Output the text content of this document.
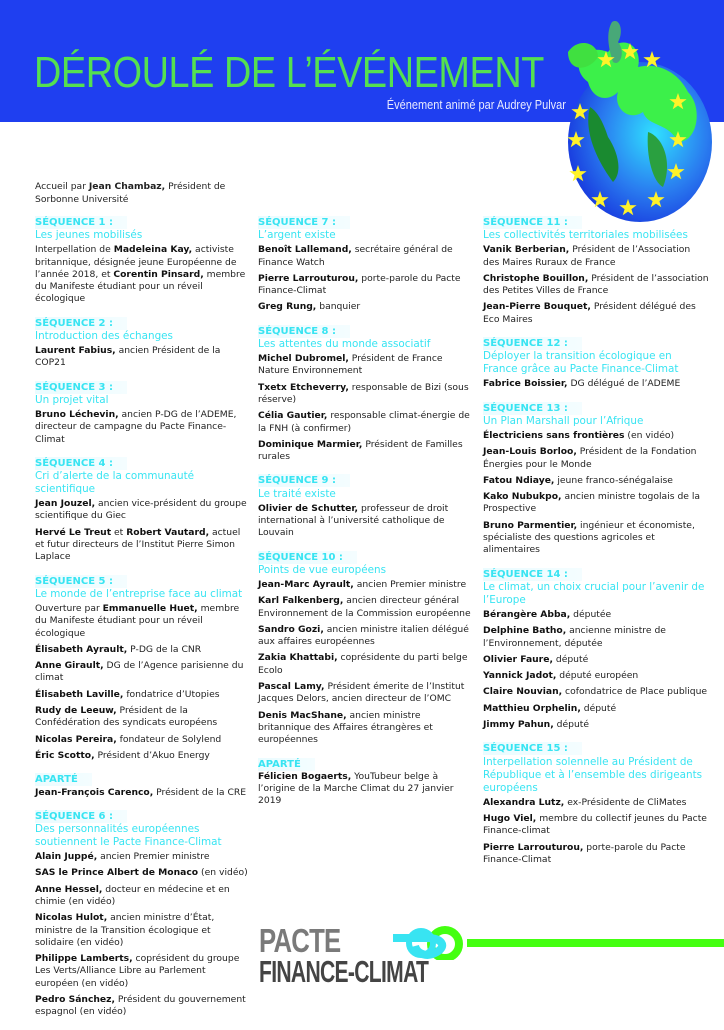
DÉROULÉ DE L’ÉVÉNEMENT
Événement animé par Audrey Pulvar
Accueil par Jean Chambaz, Président de Sorbonne Université
SÉQUENCE 1 :
Les jeunes mobilisés
Interpellation de Madeleina Kay, activiste britannique, désignée jeune Européenne de l’année 2018, et Corentin Pinsard, membre du Manifeste étudiant pour un réveil écologique
SÉQUENCE 2 :
Introduction des échanges
Laurent Fabius, ancien Président de la COP21
SÉQUENCE 3 :
Un projet vital
Bruno Léchevin, ancien P-DG de l’ADEME, directeur de campagne du Pacte Finance-Climat
SÉQUENCE 4 :
Cri d’alerte de la communauté scientifique
Jean Jouzel, ancien vice-président du groupe scientifique du Giec
Hervé Le Treut et Robert Vautard, actuel et futur directeurs de l’Institut Pierre Simon Laplace
SÉQUENCE 5 :
Le monde de l’entreprise face au climat
Ouverture par Emmanuelle Huet, membre du Manifeste étudiant pour un réveil écologique
Élisabeth Ayrault, P-DG de la CNR
Anne Girault, DG de l’Agence parisienne du climat
Élisabeth Laville, fondatrice d’Utopies
Rudy de Leeuw, Président de la Confédération des syndicats européens
Nicolas Pereira, fondateur de Solylend
Éric Scotto, Président d’Akuo Energy
APARTÉ
Jean-François Carenco, Président de la CRE
SÉQUENCE 6 :
Des personnalités européennes soutiennent le Pacte Finance-Climat
Alain Juppé, ancien Premier ministre
SAS le Prince Albert de Monaco (en vidéo)
Anne Hessel, docteur en médecine et en chimie (en vidéo)
Nicolas Hulot, ancien ministre d’État, ministre de la Transition écologique et solidaire (en vidéo)
Philippe Lamberts, coprésident du groupe Les Verts/Alliance Libre au Parlement européen (en vidéo)
Pedro Sánchez, Président du gouvernement espagnol (en vidéo)
SÉQUENCE 7 :
L’argent existe
Benoît Lallemand, secrétaire général de Finance Watch
Pierre Larrouturou, porte-parole du Pacte Finance-Climat
Greg Rung, banquier
SÉQUENCE 8 :
Les attentes du monde associatif
Michel Dubromel, Président de France Nature Environnement
Txetx Etcheverry, responsable de Bizi (sous réserve)
Célia Gautier, responsable climat-énergie de la FNH (à confirmer)
Dominique Marmier, Président de Familles rurales
SÉQUENCE 9 :
Le traité existe
Olivier de Schutter, professeur de droit international à l’université catholique de Louvain
SÉQUENCE 10 :
Points de vue européens
Jean-Marc Ayrault, ancien Premier ministre
Karl Falkenberg, ancien directeur général Environnement de la Commission européenne
Sandro Gozi, ancien ministre italien délégué aux affaires européennes
Zakia Khattabi, coprésidente du parti belge Ecolo
Pascal Lamy, Président émerite de l’Institut Jacques Delors, ancien directeur de l’OMC
Denis MacShane, ancien ministre britannique des Affaires étrangères et européennes
APARTÉ
Félicien Bogaerts, YouTubeur belge à l’origine de la Marche Climat du 27 janvier 2019
SÉQUENCE 11 :
Les collectivités territoriales mobilisées
Vanik Berberian, Président de l’Association des Maires Ruraux de France
Christophe Bouillon, Président de l’association des Petites Villes de France
Jean-Pierre Bouquet, Président délégué des Eco Maires
SÉQUENCE 12 :
Déployer la transition écologique en France grâce au Pacte Finance-Climat
Fabrice Boissier, DG délégué de l’ADEME
SÉQUENCE 13 :
Un Plan Marshall pour l’Afrique
Électriciens sans frontières (en vidéo)
Jean-Louis Borloo, Président de la Fondation Énergies pour le Monde
Fatou Ndiaye, jeune franco-sénégalaise
Kako Nubukpo, ancien ministre togolais de la Prospective
Bruno Parmentier, ingénieur et économiste, spécialiste des questions agricoles et alimentaires
SÉQUENCE 14 :
Le climat, un choix crucial pour l’avenir de l’Europe
Bérangère Abba, députée
Delphine Batho, ancienne ministre de l’Environnement, députée
Olivier Faure, député
Yannick Jadot, député européen
Claire Nouvian, cofondatrice de Place publique
Matthieu Orphelin, député
Jimmy Pahun, député
SÉQUENCE 15 :
Interpellation solennelle au Président de République et à l’ensemble des dirigeants européens
Alexandra Lutz, ex-Présidente de CliMates
Hugo Viel, membre du collectif jeunes du Pacte Finance-climat
Pierre Larrouturou, porte-parole du Pacte Finance-Climat
PACTE
FINANCE-CLIMAT
